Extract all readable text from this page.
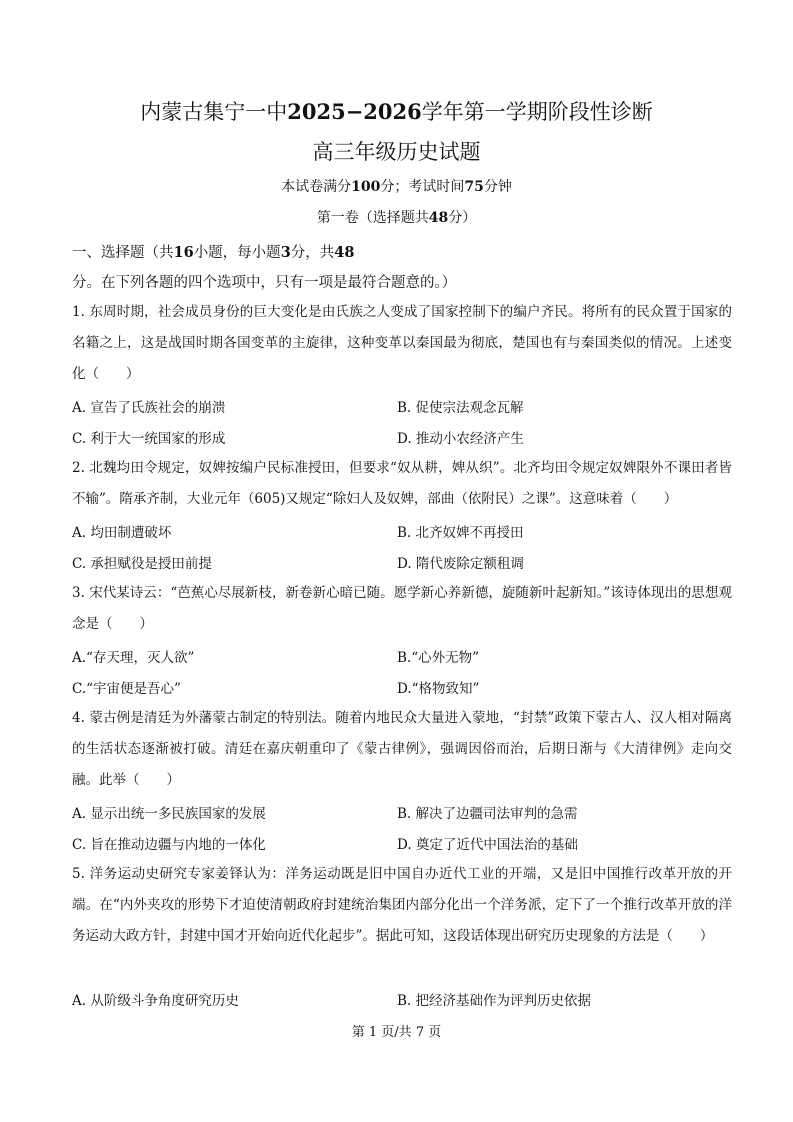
内蒙古集宁一中2025−2026学年第一学期阶段性诊断
高三年级历史试题
本试卷满分100分；考试时间75分钟
第一卷（选择题共48分）
一、选择题（共16小题，每小题3分，共48分。在下列各题的四个选项中，只有一项是最符合题意的。）
1. 东周时期，社会成员身份的巨大变化是由氏族之人变成了国家控制下的编户齐民。将所有的民众置于国家的名籍之上，这是战国时期各国变革的主旋律，这种变革以秦国最为彻底，楚国也有与秦国类似的情况。上述变化（　　）
A. 宣告了氏族社会的崩溃	B. 促使宗法观念瓦解
C. 利于大一统国家的形成	D. 推动小农经济产生
2. 北魏均田令规定，奴婢按编户民标准授田，但要求“奴从耕，婢从织”。北齐均田令规定奴婢限外不课田者皆不输”。隋承齐制，大业元年（605)又规定“除妇人及奴婢，部曲（依附民）之课”。这意味着（　　）
A. 均田制遭破坏	B. 北齐奴婢不再授田
C. 承担赋役是授田前提	D. 隋代废除定额租调
3. 宋代某诗云：“芭蕉心尽展新枝，新卷新心暗已随。愿学新心养新德，旋随新叶起新知。”该诗体现出的思想观念是（　　）
A.“存天理，灭人欲”	B.“心外无物”
C.“宇宙便是吾心”	D.“格物致知”
4. 蒙古例是清廷为外藩蒙古制定的特别法。随着内地民众大量进入蒙地，“封禁”政策下蒙古人、汉人相对隔离的生活状态逐渐被打破。清廷在嘉庆朝重印了《蒙古律例》，强调因俗而治，后期日渐与《大清律例》走向交融。此举（　　）
A. 显示出统一多民族国家的发展	B. 解决了边疆司法审判的急需
C. 旨在推动边疆与内地的一体化	D. 奠定了近代中国法治的基础
5. 洋务运动史研究专家姜铎认为：洋务运动既是旧中国自办近代工业的开端，又是旧中国推行改革开放的开端。在“内外夹攻的形势下才迫使清朝政府封建统治集团内部分化出一个洋务派，定下了一个推行改革开放的洋务运动大政方针，封建中国才开始向近代化起步”。据此可知，这段话体现出研究历史现象的方法是（　　）
A. 从阶级斗争角度研究历史	B. 把经济基础作为评判历史依据
第 1 页/共 7 页
